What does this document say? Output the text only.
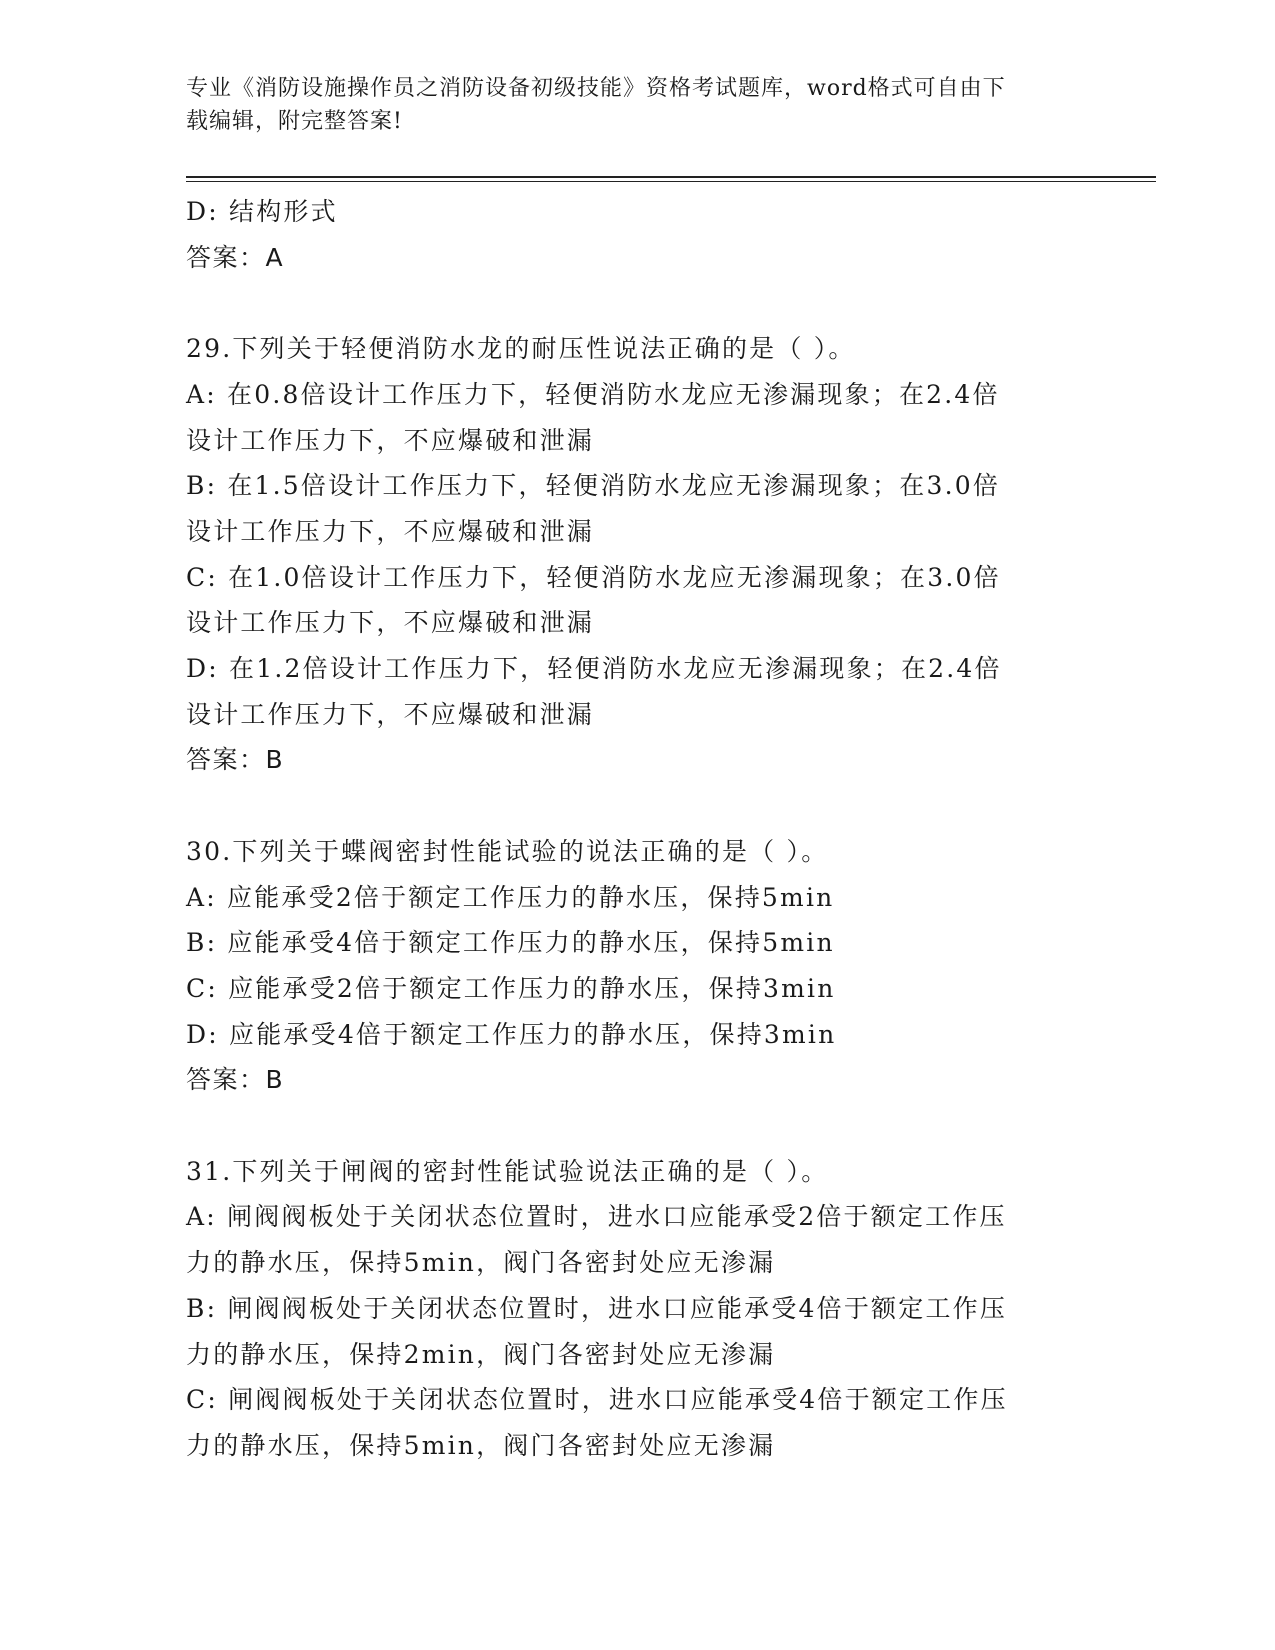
专业《消防设施操作员之消防设备初级技能》资格考试题库，word格式可自由下
载编辑，附完整答案!
D: 结构形式
答案：A
29.下列关于轻便消防水龙的耐压性说法正确的是（ ）。
A: 在0.8倍设计工作压力下，轻便消防水龙应无渗漏现象；在2.4倍
设计工作压力下，不应爆破和泄漏
B: 在1.5倍设计工作压力下，轻便消防水龙应无渗漏现象；在3.0倍
设计工作压力下，不应爆破和泄漏
C: 在1.0倍设计工作压力下，轻便消防水龙应无渗漏现象；在3.0倍
设计工作压力下，不应爆破和泄漏
D: 在1.2倍设计工作压力下，轻便消防水龙应无渗漏现象；在2.4倍
设计工作压力下，不应爆破和泄漏
答案：B
30.下列关于蝶阀密封性能试验的说法正确的是（ ）。
A: 应能承受2倍于额定工作压力的静水压，保持5min
B: 应能承受4倍于额定工作压力的静水压，保持5min
C: 应能承受2倍于额定工作压力的静水压，保持3min
D: 应能承受4倍于额定工作压力的静水压，保持3min
答案：B
31.下列关于闸阀的密封性能试验说法正确的是（ ）。
A: 闸阀阀板处于关闭状态位置时，进水口应能承受2倍于额定工作压
力的静水压，保持5min，阀门各密封处应无渗漏
B: 闸阀阀板处于关闭状态位置时，进水口应能承受4倍于额定工作压
力的静水压，保持2min，阀门各密封处应无渗漏
C: 闸阀阀板处于关闭状态位置时，进水口应能承受4倍于额定工作压
力的静水压，保持5min，阀门各密封处应无渗漏
